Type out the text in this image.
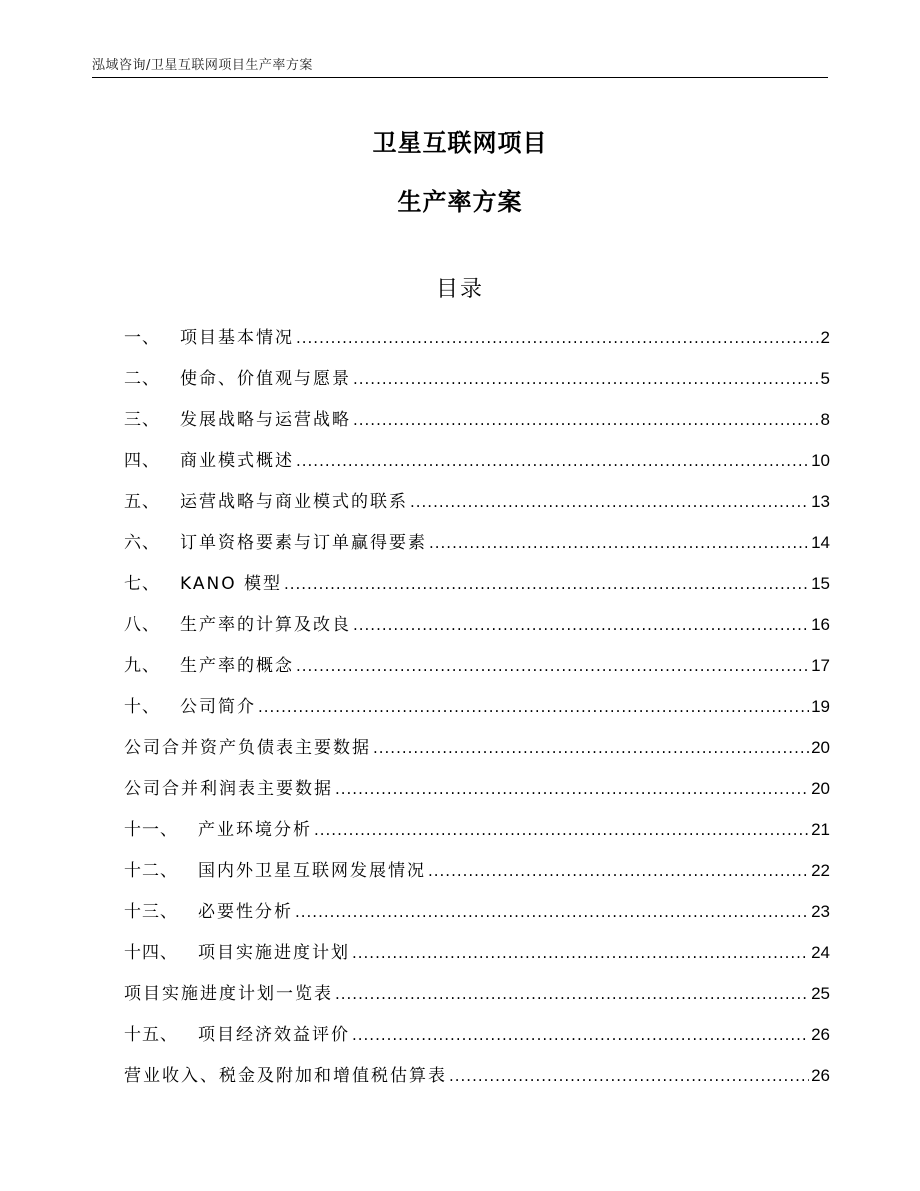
泓域咨询/卫星互联网项目生产率方案
卫星互联网项目
生产率方案
目录
一、	项目基本情况 .....	2
二、	使命、价值观与愿景 .....	5
三、	发展战略与运营战略 .....	8
四、	商业模式概述 .....	10
五、	运营战略与商业模式的联系 .....	13
六、	订单资格要素与订单赢得要素 .....	14
七、	KANO 模型 .....	15
八、	生产率的计算及改良 .....	16
九、	生产率的概念 .....	17
十、	公司简介 .....	19
公司合并资产负债表主要数据 .....	20
公司合并利润表主要数据 .....	20
十一、	产业环境分析 .....	21
十二、	国内外卫星互联网发展情况 .....	22
十三、	必要性分析 .....	23
十四、	项目实施进度计划 .....	24
项目实施进度计划一览表 .....	25
十五、	项目经济效益评价 .....	26
营业收入、税金及附加和增值税估算表 .....	26
